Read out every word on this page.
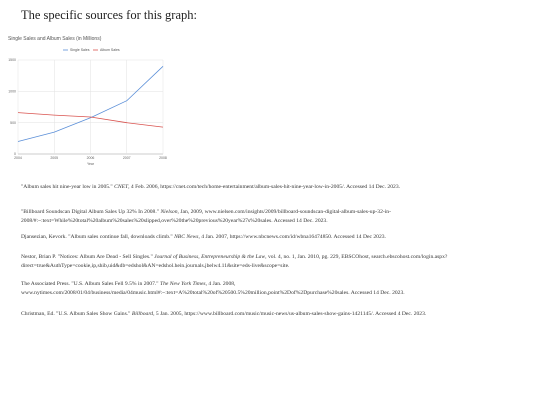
The specific sources for this graph:
Single Sales and Album Sales (in Millions)
0
500
1000
1500
2004	2005	2006	2007	2008
Year
Single Sales	Album Sales
"Album sales hit nine-year low in 2005." CNET, 4 Feb. 2006, https://cnet.com/tech/home-entertainment/album-sales-hit-nine-year-low-in-2005/. Accessed 14 Dec. 2023.
"Billboard Soundscan Digital Album Sales Up 32% In 2008." Nielson, Jan, 2009, www.nielsen.com/insights/2009/billboard-soundscan-digital-album-sales-up-32-in-2008/#:~:text=While%20total%20album%20sales%20slipped,over%20the%20previous%20year%27s%20sales. Accessed 14 Dec. 2023.
Djansezian, Kevork. "Album sales continue fall, downloads climb." NBC News, 4 Jan. 2007, https://www.nbcnews.com/id/wbna16474850. Accessed 14 Dec 2023.
Nestor, Brian P. "Notices: Album Are Dead - Sell Singles." Journal of Business, Entrepreneurship & the Law, vol. 4, no. 1, Jan. 2010, pg. 229, EBSCOhost, search.ebscohost.com/login.aspx?direct=true&AuthType=cookie,ip,shib,uid&db=edshol&AN=edshol.hein.journals.jbelw4.11&site=eds-live&scope=site.
The Associated Press. "U.S. Album Sales Fell 9.5% in 2007." The New York Times, 4 Jan. 2008, www.nytimes.com/2008/01/04/business/media/04music.html#:~:text=A%20total%20of%20500.5%20million,point%2Dof%2Dpurchase%20sales. Accessed 14 Dec. 2023.
Christman, Ed. "U.S. Album Sales Show Gains." Billboard, 5 Jan. 2005, https://www.billboard.com/music/music-news/us-album-sales-show-gains-1421145/. Accessed 4 Dec. 2023.
